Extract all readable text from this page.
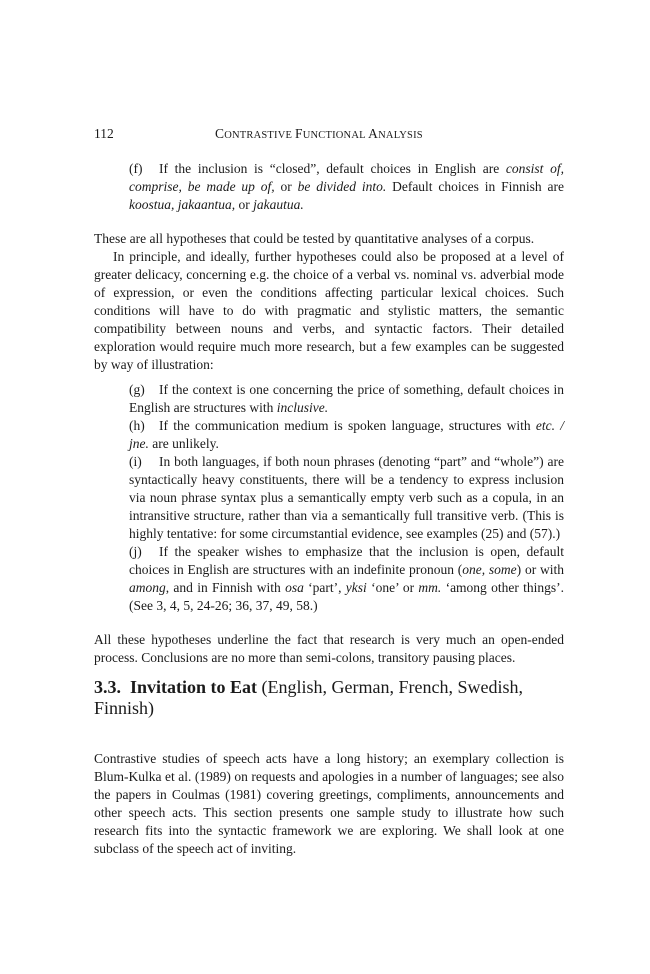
112	CONTRASTIVE FUNCTIONAL ANALYSIS

(f) If the inclusion is “closed”, default choices in English are consist of, comprise, be made up of, or be divided into. Default choices in Finnish are koostua, jakaantua, or jakautua.

These are all hypotheses that could be tested by quantitative analyses of a corpus.

In principle, and ideally, further hypotheses could also be proposed at a level of greater delicacy, concerning e.g. the choice of a verbal vs. nominal vs. adverbial mode of expression, or even the conditions affecting particular lexical choices. Such conditions will have to do with pragmatic and stylistic matters, the semantic compatibility between nouns and verbs, and syntactic factors. Their detailed exploration would require much more research, but a few examples can be suggested by way of illustration:

(g) If the context is one concerning the price of something, default choices in English are structures with inclusive.

(h) If the communication medium is spoken language, structures with etc. / jne. are unlikely.

(i) In both languages, if both noun phrases (denoting “part” and “whole”) are syntactically heavy constituents, there will be a tendency to express inclusion via noun phrase syntax plus a semantically empty verb such as a copula, in an intransitive structure, rather than via a semantically full transitive verb. (This is highly tentative: for some circumstantial evidence, see examples (25) and (57).)

(j) If the speaker wishes to emphasize that the inclusion is open, default choices in English are structures with an indefinite pronoun (one, some) or with among, and in Finnish with osa ‘part’, yksi ‘one’ or mm. ‘among other things’. (See 3, 4, 5, 24-26; 36, 37, 49, 58.)

All these hypotheses underline the fact that research is very much an open-ended process. Conclusions are no more than semi-colons, transitory pausing places.

3.3. Invitation to Eat (English, German, French, Swedish, Finnish)

Contrastive studies of speech acts have a long history; an exemplary collection is Blum-Kulka et al. (1989) on requests and apologies in a number of languages; see also the papers in Coulmas (1981) covering greetings, compliments, announcements and other speech acts. This section presents one sample study to illustrate how such research fits into the syntactic framework we are exploring. We shall look at one subclass of the speech act of inviting.
